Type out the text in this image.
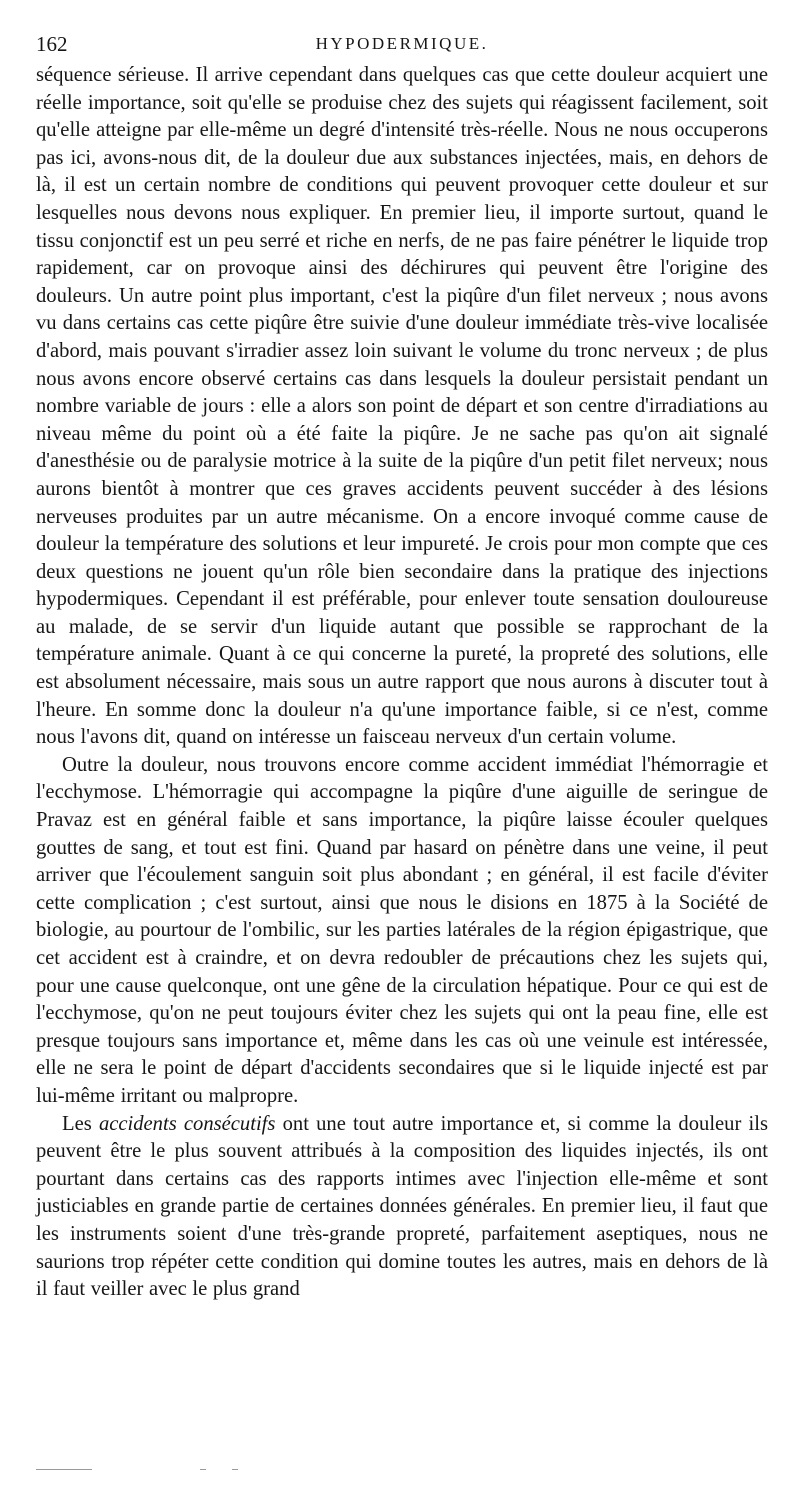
162	HYPODERMIQUE.

séquence sérieuse. Il arrive cependant dans quelques cas que cette douleur acquiert une réelle importance, soit qu'elle se produise chez des sujets qui réagissent facilement, soit qu'elle atteigne par elle-même un degré d'intensité très-réelle. Nous ne nous occuperons pas ici, avons-nous dit, de la douleur due aux substances injectées, mais, en dehors de là, il est un certain nombre de conditions qui peuvent provoquer cette douleur et sur lesquelles nous devons nous expliquer. En premier lieu, il importe surtout, quand le tissu conjonctif est un peu serré et riche en nerfs, de ne pas faire pénétrer le liquide trop rapidement, car on provoque ainsi des déchirures qui peuvent être l'origine des douleurs. Un autre point plus important, c'est la piqûre d'un filet nerveux ; nous avons vu dans certains cas cette piqûre être suivie d'une douleur immédiate très-vive localisée d'abord, mais pouvant s'irradier assez loin suivant le volume du tronc nerveux ; de plus nous avons encore observé certains cas dans lesquels la douleur persistait pendant un nombre variable de jours : elle a alors son point de départ et son centre d'irradiations au niveau même du point où a été faite la piqûre. Je ne sache pas qu'on ait signalé d'anesthésie ou de paralysie motrice à la suite de la piqûre d'un petit filet nerveux; nous aurons bientôt à montrer que ces graves accidents peuvent succéder à des lésions nerveuses produites par un autre mécanisme. On a encore invoqué comme cause de douleur la température des solutions et leur impureté. Je crois pour mon compte que ces deux questions ne jouent qu'un rôle bien secondaire dans la pratique des injections hypodermiques. Cependant il est préférable, pour enlever toute sensation douloureuse au malade, de se servir d'un liquide autant que possible se rapprochant de la température animale. Quant à ce qui concerne la pureté, la propreté des solutions, elle est absolument nécessaire, mais sous un autre rapport que nous aurons à discuter tout à l'heure. En somme donc la douleur n'a qu'une importance faible, si ce n'est, comme nous l'avons dit, quand on intéresse un faisceau nerveux d'un certain volume.

Outre la douleur, nous trouvons encore comme accident immédiat l'hémorragie et l'ecchymose. L'hémorragie qui accompagne la piqûre d'une aiguille de seringue de Pravaz est en général faible et sans importance, la piqûre laisse écouler quelques gouttes de sang, et tout est fini. Quand par hasard on pénètre dans une veine, il peut arriver que l'écoulement sanguin soit plus abondant ; en général, il est facile d'éviter cette complication ; c'est surtout, ainsi que nous le disions en 1875 à la Société de biologie, au pourtour de l'ombilic, sur les parties latérales de la région épigastrique, que cet accident est à craindre, et on devra redoubler de précautions chez les sujets qui, pour une cause quelconque, ont une gêne de la circulation hépatique. Pour ce qui est de l'ecchymose, qu'on ne peut toujours éviter chez les sujets qui ont la peau fine, elle est presque toujours sans importance et, même dans les cas où une veinule est intéressée, elle ne sera le point de départ d'accidents secondaires que si le liquide injecté est par lui-même irritant ou malpropre.

Les accidents consécutifs ont une tout autre importance et, si comme la douleur ils peuvent être le plus souvent attribués à la composition des liquides injectés, ils ont pourtant dans certains cas des rapports intimes avec l'injection elle-même et sont justiciables en grande partie de certaines données générales. En premier lieu, il faut que les instruments soient d'une très-grande propreté, parfaitement aseptiques, nous ne saurions trop répéter cette condition qui domine toutes les autres, mais en dehors de là il faut veiller avec le plus grand
